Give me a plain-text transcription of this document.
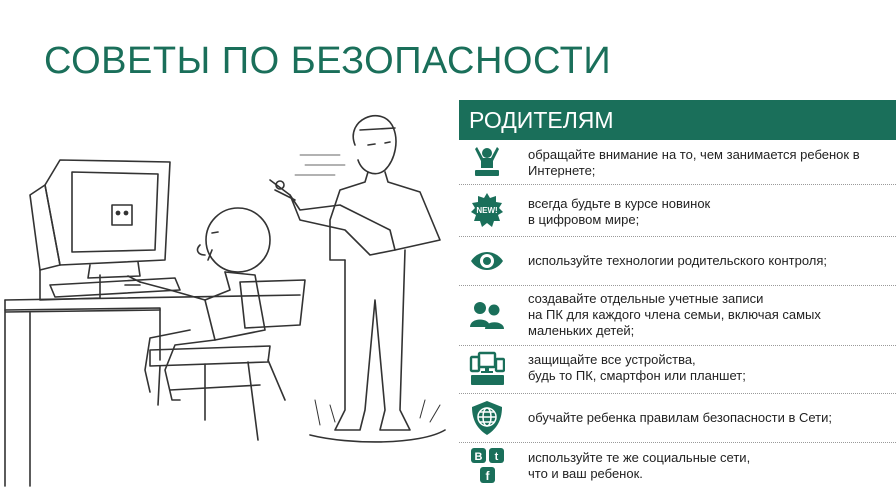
СОВЕТЫ ПО БЕЗОПАСНОСТИ
РОДИТЕЛЯМ
обращайте внимание на то, чем занимается ребенок в
Интернете;
NEW! всегда будьте в курсе новинок
в цифровом мире;
используйте технологии родительского контроля;
создавайте отдельные учетные записи
на ПК для каждого члена семьи, включая самых
маленьких детей;
защищайте все устройства,
будь то ПК, смартфон или планшет;
обучайте ребенка правилам безопасности в Сети;
B t
f
используйте те же социальные сети,
что и ваш ребенок.
